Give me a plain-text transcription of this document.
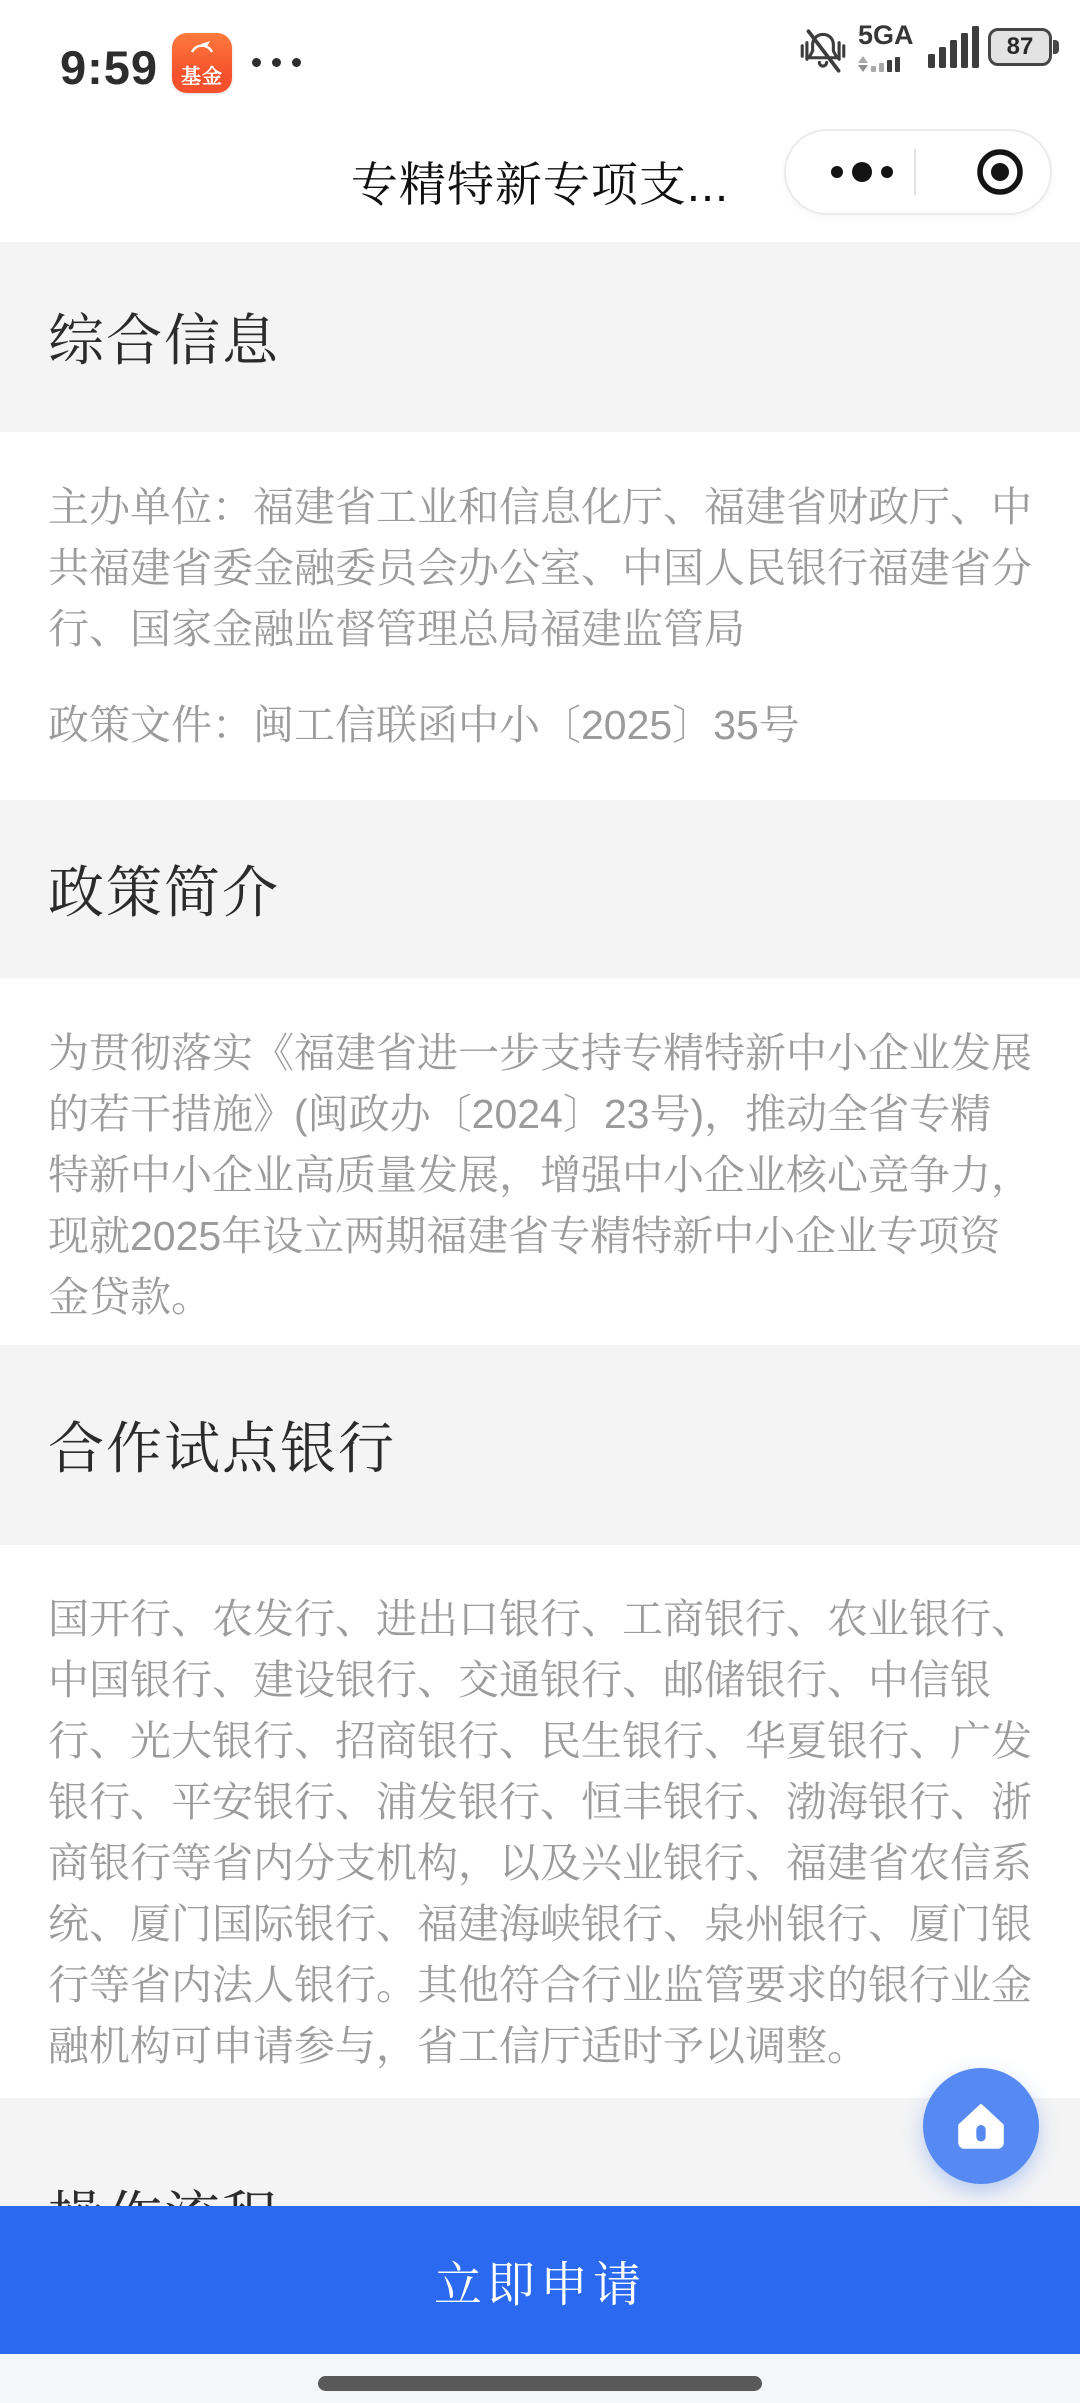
9:59 基金
5GA	87
专精特新专项支...
综合信息

主办单位：福建省工业和信息化厅、福建省财政厅、中共福建省委金融委员会办公室、中国人民银行福建省分行、国家金融监督管理总局福建监管局

政策文件：闽工信联函中小〔2025〕35号

政策简介

为贯彻落实《福建省进一步支持专精特新中小企业发展的若干措施》(闽政办〔2024〕23号)，推动全省专精特新中小企业高质量发展，增强中小企业核心竞争力，现就2025年设立两期福建省专精特新中小企业专项资金贷款。

合作试点银行

国开行、农发行、进出口银行、工商银行、农业银行、中国银行、建设银行、交通银行、邮储银行、中信银行、光大银行、招商银行、民生银行、华夏银行、广发银行、平安银行、浦发银行、恒丰银行、渤海银行、浙商银行等省内分支机构，以及兴业银行、福建省农信系统、厦门国际银行、福建海峡银行、泉州银行、厦门银行等省内法人银行。其他符合行业监管要求的银行业金融机构可申请参与，省工信厅适时予以调整。

立即申请
